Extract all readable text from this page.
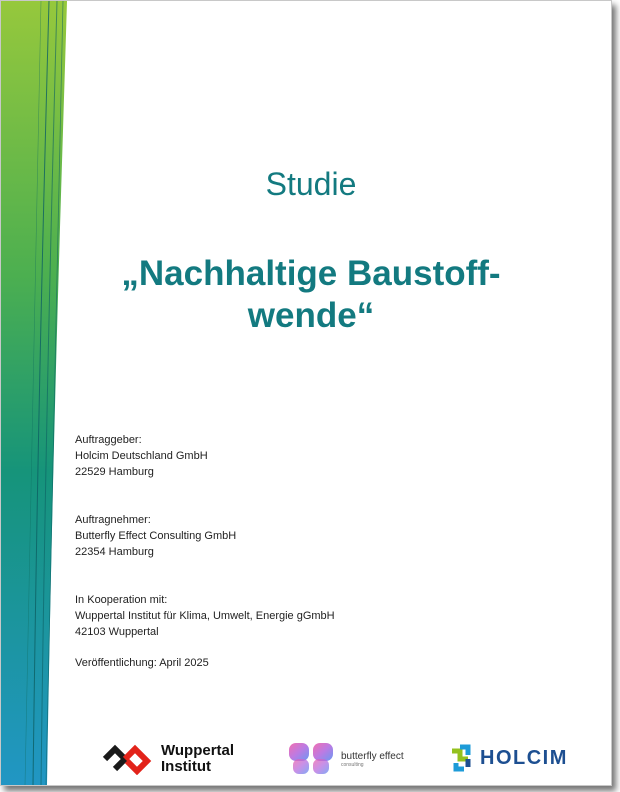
Studie
„Nachhaltige Baustoff-
wende“
Auftraggeber:
Holcim Deutschland GmbH
22529 Hamburg
Auftragnehmer:
Butterfly Effect Consulting GmbH
22354 Hamburg
In Kooperation mit:
Wuppertal Institut für Klima, Umwelt, Energie gGmbH
42103 Wuppertal
Veröffentlichung: April 2025
Wuppertal
Institut
butterfly effect
consulting	HOLCIM
